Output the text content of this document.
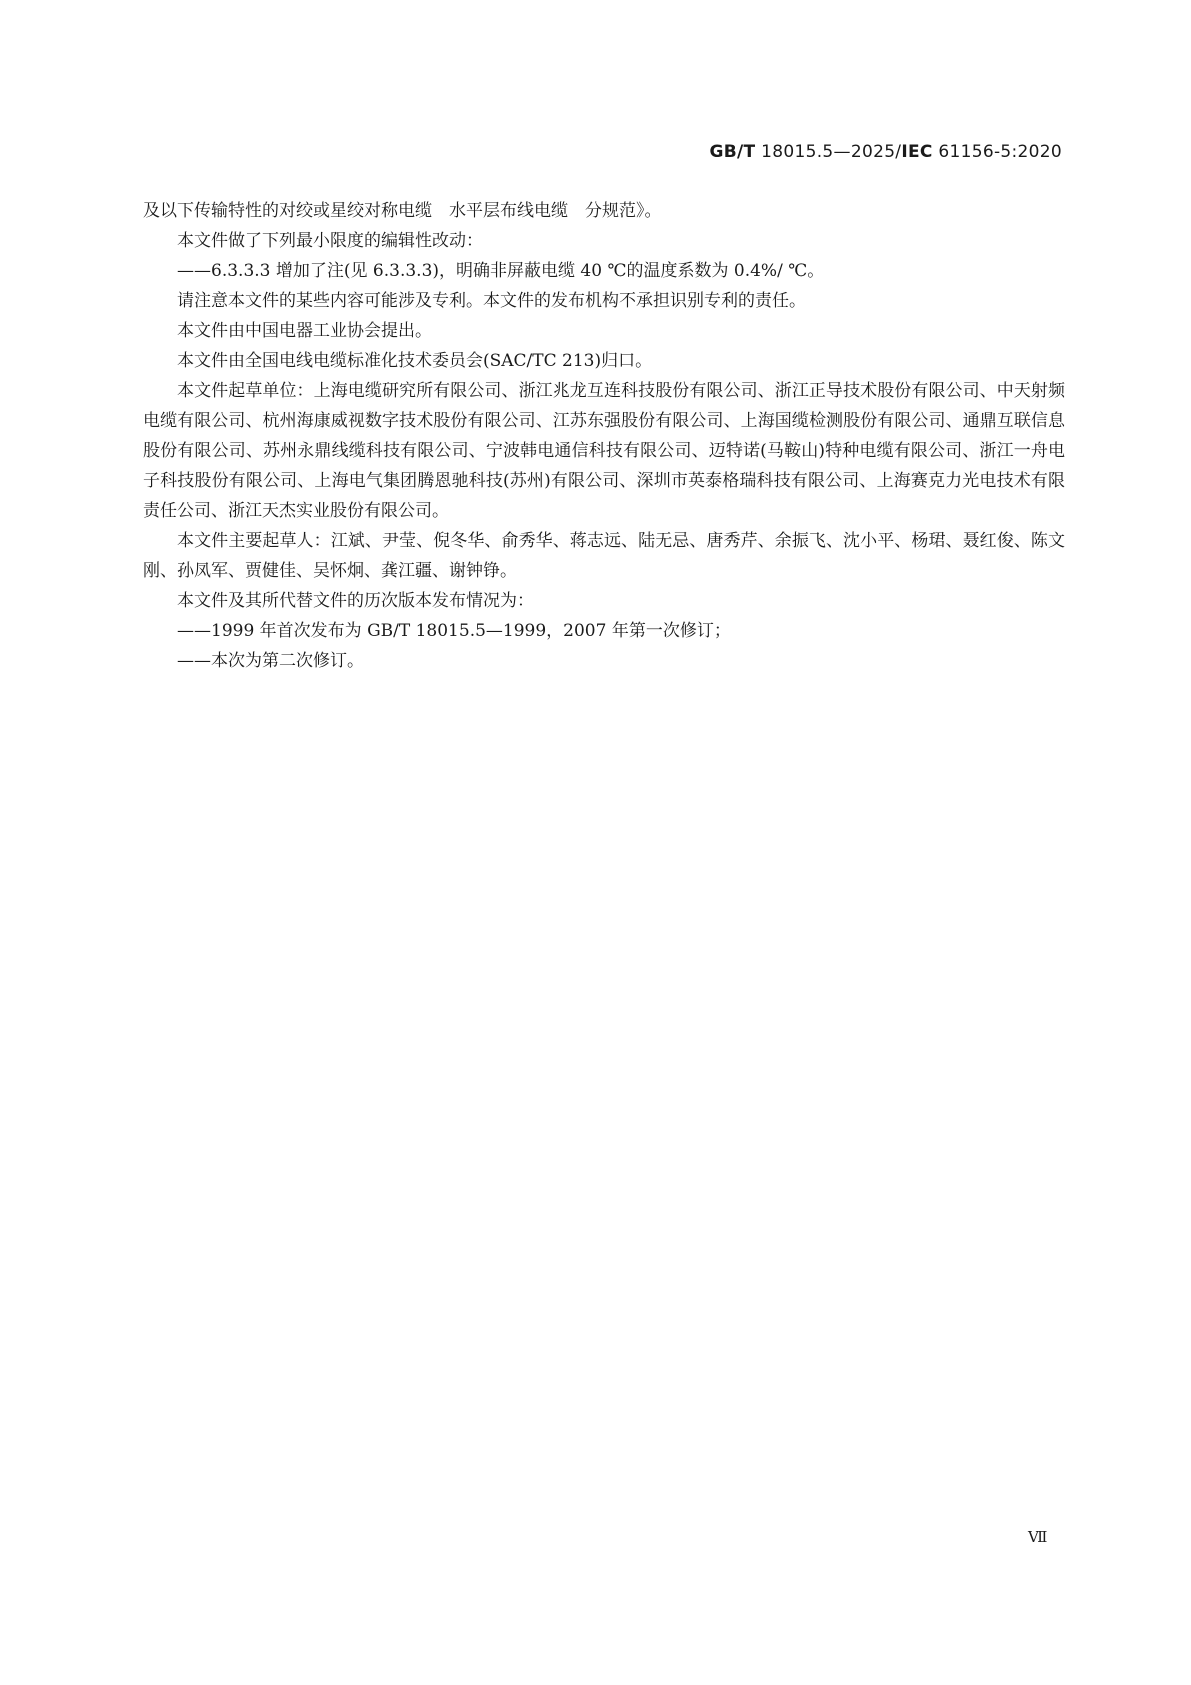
GB/T 18015.5—2025/IEC 61156-5:2020

及以下传输特性的对绞或星绞对称电缆　水平层布线电缆　分规范》。

本文件做了下列最小限度的编辑性改动：

——6.3.3.3 增加了注(见 6.3.3.3)，明确非屏蔽电缆 40 ℃的温度系数为 0.4%/ ℃。

请注意本文件的某些内容可能涉及专利。本文件的发布机构不承担识别专利的责任。

本文件由中国电器工业协会提出。

本文件由全国电线电缆标准化技术委员会(SAC/TC 213)归口。

本文件起草单位：上海电缆研究所有限公司、浙江兆龙互连科技股份有限公司、浙江正导技术股份有限公司、中天射频电缆有限公司、杭州海康威视数字技术股份有限公司、江苏东强股份有限公司、上海国缆检测股份有限公司、通鼎互联信息股份有限公司、苏州永鼎线缆科技有限公司、宁波韩电通信科技有限公司、迈特诺(马鞍山)特种电缆有限公司、浙江一舟电子科技股份有限公司、上海电气集团腾恩驰科技(苏州)有限公司、深圳市英泰格瑞科技有限公司、上海赛克力光电技术有限责任公司、浙江天杰实业股份有限公司。

本文件主要起草人：江斌、尹莹、倪冬华、俞秀华、蒋志远、陆无忌、唐秀芹、余振飞、沈小平、杨珺、聂红俊、陈文刚、孙凤军、贾健佳、吴怀炯、龚江疆、谢钟铮。

本文件及其所代替文件的历次版本发布情况为：

——1999 年首次发布为 GB/T 18015.5—1999，2007 年第一次修订；

——本次为第二次修订。

Ⅶ
